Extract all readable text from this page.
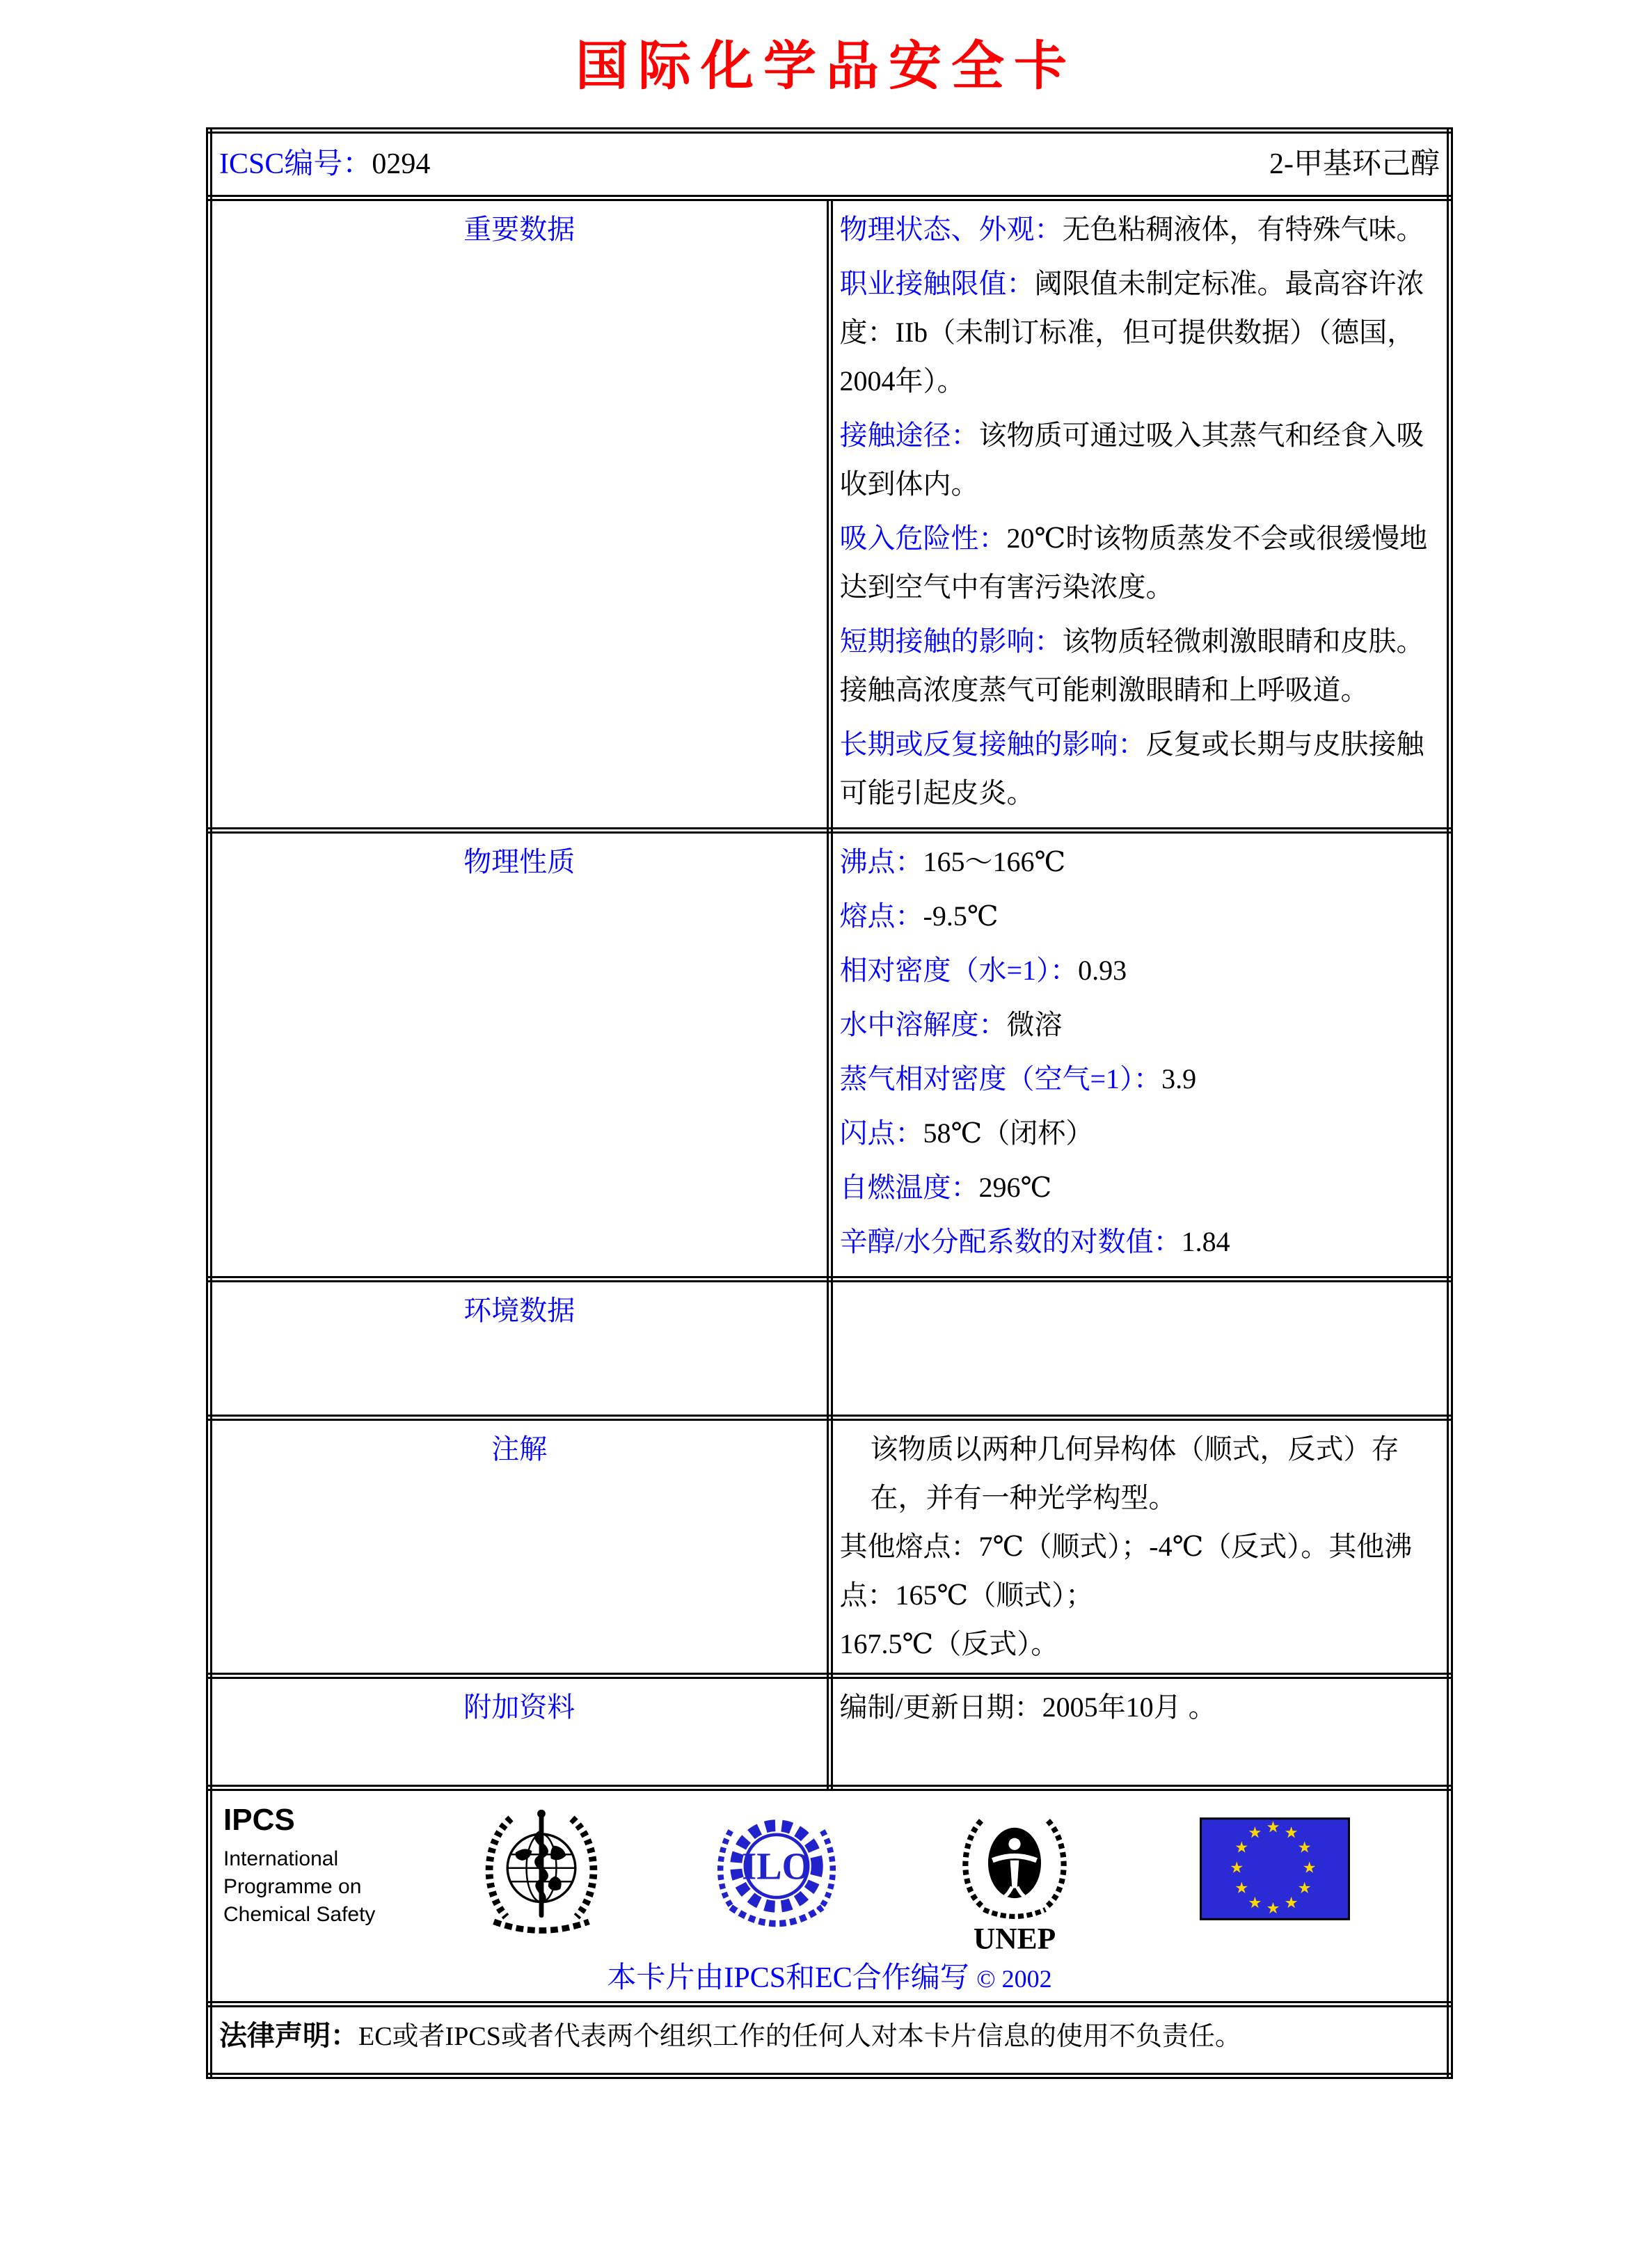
国际化学品安全卡
ICSC编号：0294 2-甲基环己醇	

重要数据	物理状态、外观：无色粘稠液体，有特殊气味。

职业接触限值：阈限值未制定标准。最高容许浓度：IIb（未制订标准，但可提供数据）（德国，2004年）。

接触途径：该物质可通过吸入其蒸气和经食入吸收到体内。

吸入危险性：20℃时该物质蒸发不会或很缓慢地达到空气中有害污染浓度。

短期接触的影响：该物质轻微刺激眼睛和皮肤。接触高浓度蒸气可能刺激眼睛和上呼吸道。

长期或反复接触的影响：反复或长期与皮肤接触可能引起皮炎。

物理性质	沸点：165～166℃

熔点：-9.5℃

相对密度（水=1）：0.93

水中溶解度：微溶

蒸气相对密度（空气=1）：3.9

闪点：58℃（闭杯）

自燃温度：296℃

辛醇/水分配系数的对数值：1.84

环境数据	

注解	该物质以两种几何异构体（顺式，反式）存在，并有一种光学构型。
其他熔点：7℃（顺式）；-4℃（反式）。其他沸点：165℃（顺式）；
167.5℃（反式）。

附加资料	编制/更新日期：2005年10月 。

IPCS
International
Programme on
Chemical Safety
ILO
UNEP
本卡片由IPCS和EC合作编写 © 2002

法律声明：EC或者IPCS或者代表两个组织工作的任何人对本卡片信息的使用不负责任。	
